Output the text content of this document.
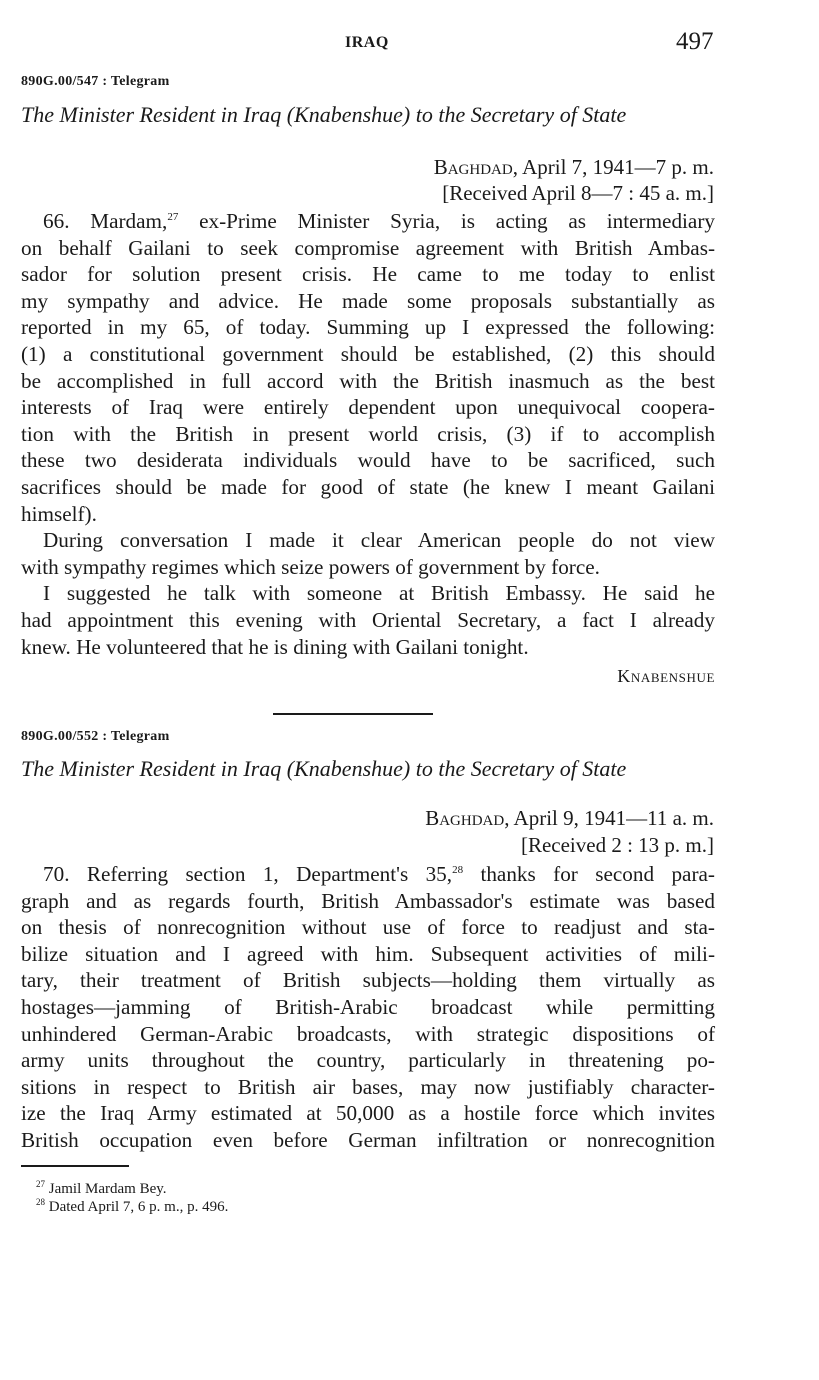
IRAQ	497
890G.00/547 : Telegram
The Minister Resident in Iraq (Knabenshue) to the Secretary of State
Baghdad, April 7, 1941—7 p. m.
[Received April 8—7 : 45 a. m.]
66. Mardam,$^{27}$ ex-Prime Minister Syria, is acting as intermediary
on behalf Gailani to seek compromise agreement with British Ambas-
sador for solution present crisis. He came to me today to enlist
my sympathy and advice. He made some proposals substantially as
reported in my 65, of today. Summing up I expressed the following:
(1) a constitutional government should be established, (2) this should
be accomplished in full accord with the British inasmuch as the best
interests of Iraq were entirely dependent upon unequivocal coopera-
tion with the British in present world crisis, (3) if to accomplish
these two desiderata individuals would have to be sacrificed, such
sacrifices should be made for good of state (he knew I meant Gailani
himself).
During conversation I made it clear American people do not view
with sympathy regimes which seize powers of government by force.
I suggested he talk with someone at British Embassy. He said he
had appointment this evening with Oriental Secretary, a fact I already
knew. He volunteered that he is dining with Gailani tonight.
Knabenshue
890G.00/552 : Telegram
The Minister Resident in Iraq (Knabenshue) to the Secretary of State
Baghdad, April 9, 1941—11 a. m.
[Received 2 : 13 p. m.]
70. Referring section 1, Department's 35,28 thanks for second para-
graph and as regards fourth, British Ambassador's estimate was based
on thesis of nonrecognition without use of force to readjust and sta-
bilize situation and I agreed with him. Subsequent activities of mili-
tary, their treatment of British subjects—holding them virtually as
hostages—jamming of British-Arabic broadcast while permitting
unhindered German-Arabic broadcasts, with strategic dispositions of
army units throughout the country, particularly in threatening po-
sitions in respect to British air bases, may now justifiably character-
ize the Iraq Army estimated at 50,000 as a hostile force which invites
British occupation even before German infiltration or nonrecognition
$^{27}$ Jamil Mardam Bey.
$^{28}$ Dated April 7, 6 p. m., p. 496.
